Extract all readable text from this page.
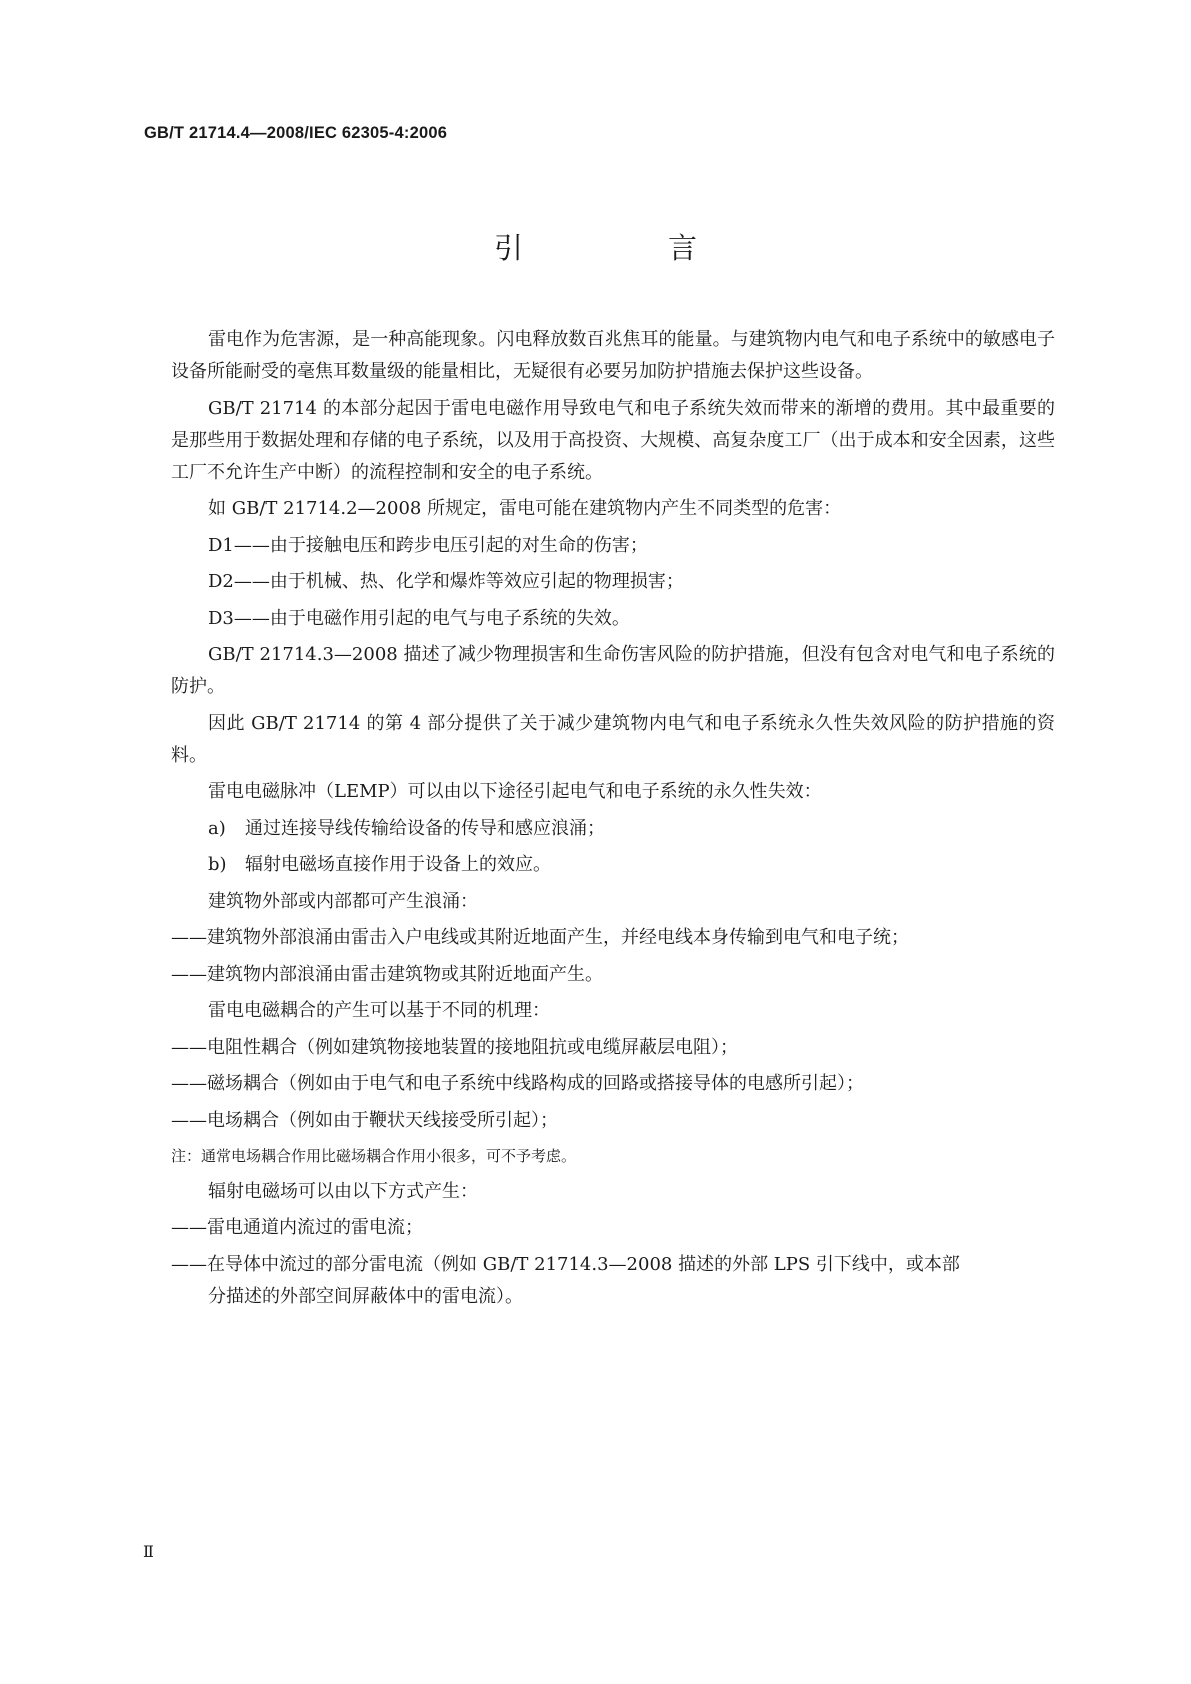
GB/T 21714.4—2008/IEC 62305-4:2006
引　言

雷电作为危害源，是一种高能现象。闪电释放数百兆焦耳的能量。与建筑物内电气和电子系统中的敏感电子设备所能耐受的毫焦耳数量级的能量相比，无疑很有必要另加防护措施去保护这些设备。

GB/T 21714 的本部分起因于雷电电磁作用导致电气和电子系统失效而带来的渐增的费用。其中最重要的是那些用于数据处理和存储的电子系统，以及用于高投资、大规模、高复杂度工厂（出于成本和安全因素，这些工厂不允许生产中断）的流程控制和安全的电子系统。

如 GB/T 21714.2—2008 所规定，雷电可能在建筑物内产生不同类型的危害：

D1——由于接触电压和跨步电压引起的对生命的伤害；

D2——由于机械、热、化学和爆炸等效应引起的物理损害；

D3——由于电磁作用引起的电气与电子系统的失效。

GB/T 21714.3—2008 描述了减少物理损害和生命伤害风险的防护措施，但没有包含对电气和电子系统的防护。

因此 GB/T 21714 的第 4 部分提供了关于减少建筑物内电气和电子系统永久性失效风险的防护措施的资料。

雷电电磁脉冲（LEMP）可以由以下途径引起电气和电子系统的永久性失效：

a) 通过连接导线传输给设备的传导和感应浪涌；

b) 辐射电磁场直接作用于设备上的效应。

建筑物外部或内部都可产生浪涌：

——建筑物外部浪涌由雷击入户电线或其附近地面产生，并经电线本身传输到电气和电子统；

——建筑物内部浪涌由雷击建筑物或其附近地面产生。

雷电电磁耦合的产生可以基于不同的机理：

——电阻性耦合（例如建筑物接地装置的接地阻抗或电缆屏蔽层电阻）；

——磁场耦合（例如由于电气和电子系统中线路构成的回路或搭接导体的电感所引起）；

——电场耦合（例如由于鞭状天线接受所引起）；

注：通常电场耦合作用比磁场耦合作用小很多，可不予考虑。

辐射电磁场可以由以下方式产生：

——雷电通道内流过的雷电流；

——在导体中流过的部分雷电流（例如 GB/T 21714.3—2008 描述的外部 LPS 引下线中，或本部
分描述的外部空间屏蔽体中的雷电流）。

Ⅱ
